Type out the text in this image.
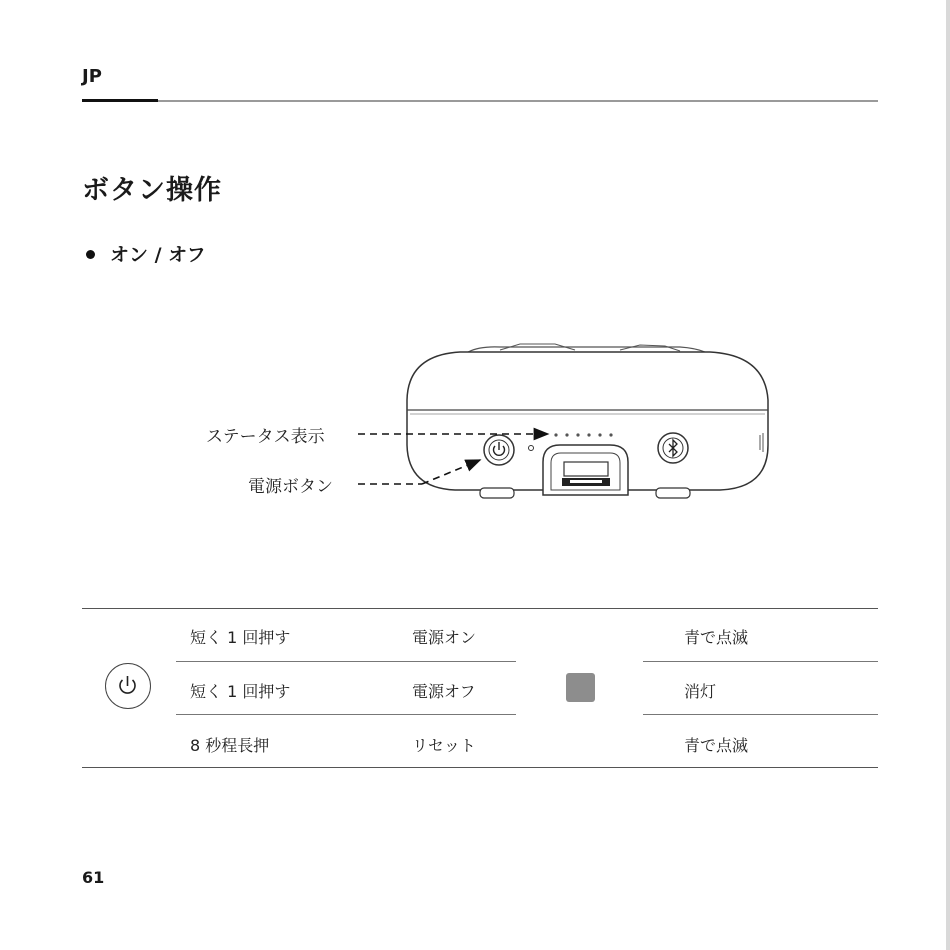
JP
ボタン操作
オン / オフ
ステータス表示
電源ボタン
短く 1 回押す	電源オン	青で点滅
短く 1 回押す	電源オフ	消灯
8 秒程長押	リセット	青で点滅
61
